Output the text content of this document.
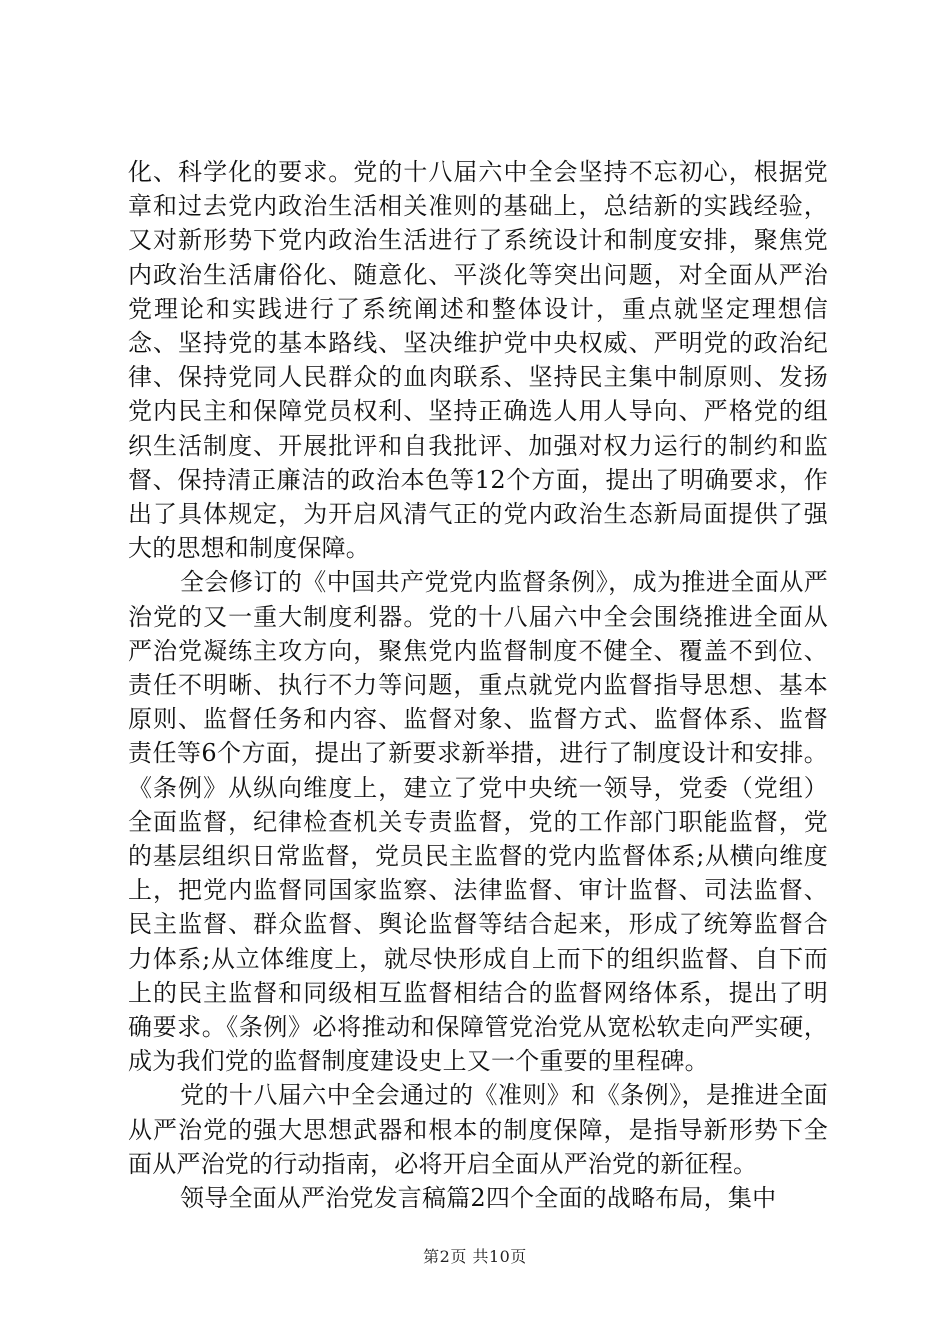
化、科学化的要求。党的十八届六中全会坚持不忘初心，根据党章和过去党内政治生活相关准则的基础上，总结新的实践经验，又对新形势下党内政治生活进行了系统设计和制度安排，聚焦党内政治生活庸俗化、随意化、平淡化等突出问题，对全面从严治党理论和实践进行了系统阐述和整体设计，重点就坚定理想信念、坚持党的基本路线、坚决维护党中央权威、严明党的政治纪律、保持党同人民群众的血肉联系、坚持民主集中制原则、发扬党内民主和保障党员权利、坚持正确选人用人导向、严格党的组织生活制度、开展批评和自我批评、加强对权力运行的制约和监督、保持清正廉洁的政治本色等12个方面，提出了明确要求，作出了具体规定，为开启风清气正的党内政治生态新局面提供了强大的思想和制度保障。

全会修订的《中国共产党党内监督条例》，成为推进全面从严治党的又一重大制度利器。党的十八届六中全会围绕推进全面从严治党凝练主攻方向，聚焦党内监督制度不健全、覆盖不到位、责任不明晰、执行不力等问题，重点就党内监督指导思想、基本原则、监督任务和内容、监督对象、监督方式、监督体系、监督责任等6个方面，提出了新要求新举措，进行了制度设计和安排。《条例》从纵向维度上，建立了党中央统一领导，党委（党组）全面监督，纪律检查机关专责监督，党的工作部门职能监督，党的基层组织日常监督，党员民主监督的党内监督体系;从横向维度上，把党内监督同国家监察、法律监督、审计监督、司法监督、民主监督、群众监督、舆论监督等结合起来，形成了统筹监督合力体系;从立体维度上，就尽快形成自上而下的组织监督、自下而上的民主监督和同级相互监督相结合的监督网络体系，提出了明确要求。《条例》必将推动和保障管党治党从宽松软走向严实硬，成为我们党的监督制度建设史上又一个重要的里程碑。

党的十八届六中全会通过的《准则》和《条例》，是推进全面从严治党的强大思想武器和根本的制度保障，是指导新形势下全面从严治党的行动指南，必将开启全面从严治党的新征程。

领导全面从严治党发言稿篇2四个全面的战略布局，集中

第2页 共10页
